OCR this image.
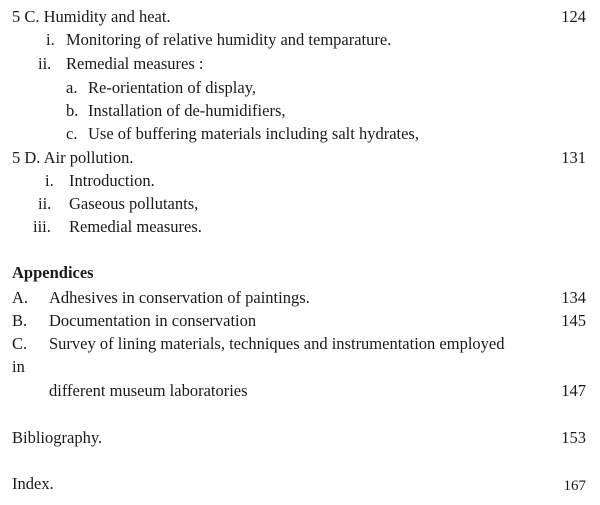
5 C. Humidity and heat.	124
i. Monitoring of relative humidity and temparature.
ii. Remedial measures :
a. Re-orientation of display,
b. Installation of de-humidifiers,
c. Use of buffering materials including salt hydrates,
5 D. Air pollution.	131
i. Introduction.
ii. Gaseous pollutants,
iii. Remedial measures.
Appendices
A. Adhesives in conservation of paintings.	134
B. Documentation in conservation	145
C. Survey of lining materials, techniques and instrumentation employed
in
different museum laboratories	147
Bibliography.	153
Index.	167
